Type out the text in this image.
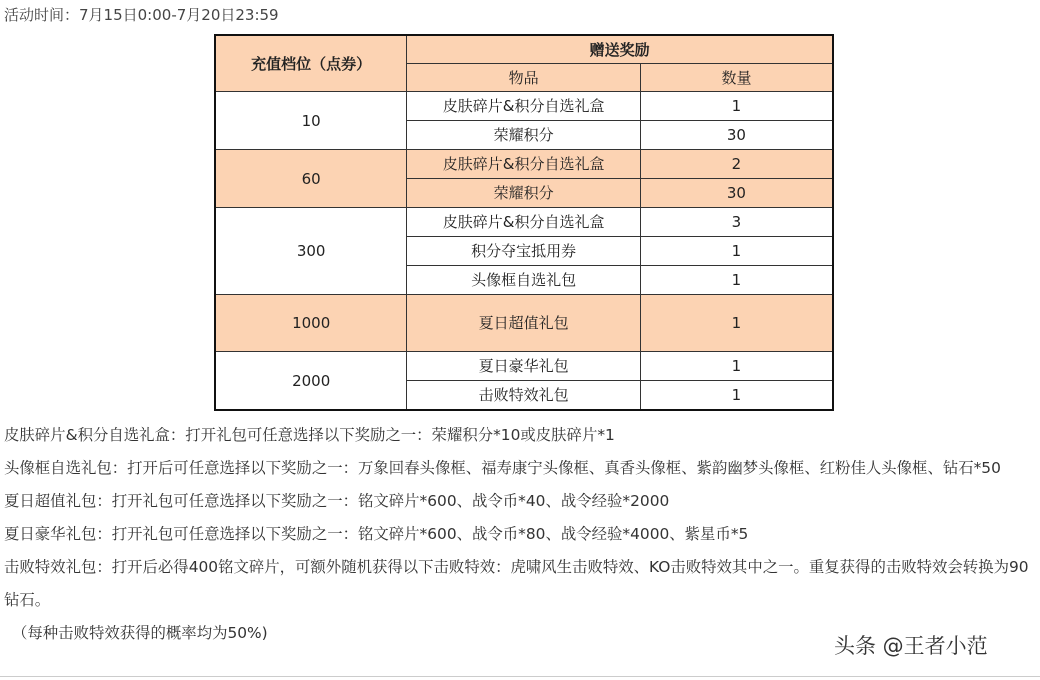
活动时间：7月15日0:00-7月20日23:59
充值档位（点券）	赠送奖励	
	物品	数量
10	皮肤碎片&积分自选礼盒	1
	荣耀积分	30
60	皮肤碎片&积分自选礼盒	2
	荣耀积分	30
300	皮肤碎片&积分自选礼盒	3
	积分夺宝抵用券	1
	头像框自选礼包	1
1000	夏日超值礼包	1
2000	夏日豪华礼包	1
	击败特效礼包	1

皮肤碎片&积分自选礼盒：打开礼包可任意选择以下奖励之一：荣耀积分*10或皮肤碎片*1

头像框自选礼包：打开后可任意选择以下奖励之一：万象回春头像框、福寿康宁头像框、真香头像框、紫韵幽梦头像框、红粉佳人头像框、钻石*50

夏日超值礼包：打开礼包可任意选择以下奖励之一：铭文碎片*600、战令币*40、战令经验*2000

夏日豪华礼包：打开礼包可任意选择以下奖励之一：铭文碎片*600、战令币*80、战令经验*4000、紫星币*5

击败特效礼包：打开后必得400铭文碎片，可额外随机获得以下击败特效：虎啸风生击败特效、KO击败特效其中之一。重复获得的击败特效会转换为90钻石。

（每种击败特效获得的概率均为50%)

头条 @王者小范
